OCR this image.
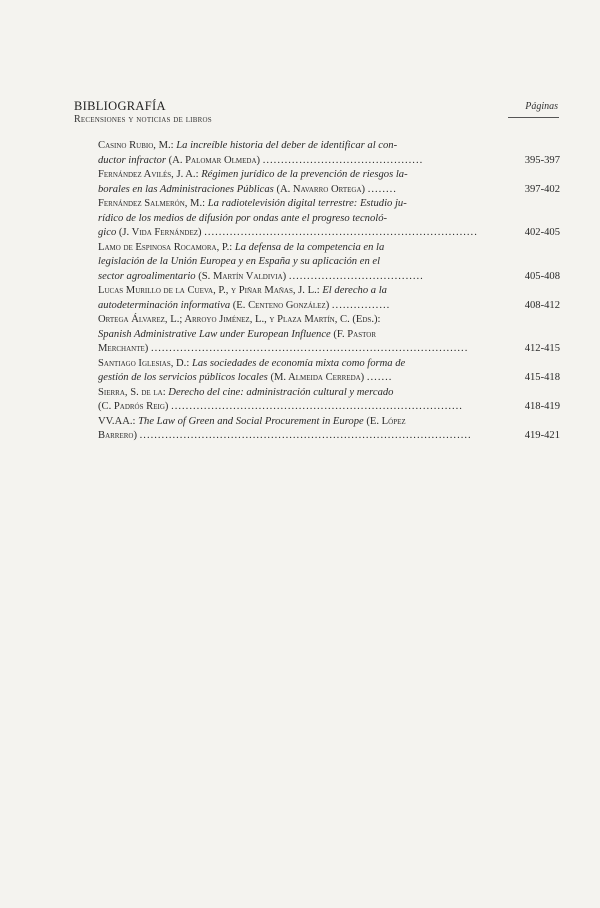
BIBLIOGRAFÍA
Recensiones y noticias de libros
Páginas
Casino Rubio, M.: La increíble historia del deber de identificar al con-
ductor infractor (A. Palomar Olmeda) ............................................	395-397
Fernández Avilés, J. A.: Régimen jurídico de la prevención de riesgos la-
borales en las Administraciones Públicas (A. Navarro Ortega) ........	397-402
Fernández Salmerón, M.: La radiotelevisión digital terrestre: Estudio ju-
rídico de los medios de difusión por ondas ante el progreso tecnoló-
gico (J. Vida Fernández) ...........................................................................	402-405
Lamo de Espinosa Rocamora, P.: La defensa de la competencia en la
legislación de la Unión Europea y en España y su aplicación en el
sector agroalimentario (S. Martín Valdivia) .....................................	405-408
Lucas Murillo de la Cueva, P., y Piñar Mañas, J. L.: El derecho a la
autodeterminación informativa (E. Centeno González) ................	408-412
Ortega Álvarez, L.; Arroyo Jiménez, L., y Plaza Martín, C. (Eds.):
Spanish Administrative Law under European Influence (F. Pastor
Merchante) .......................................................................................	412-415
Santiago Iglesias, D.: Las sociedades de economía mixta como forma de
gestión de los servicios públicos locales (M. Almeida Cerreda) .......	415-418
Sierra, S. de la: Derecho del cine: administración cultural y mercado
(C. Padrós Reig) ................................................................................	418-419
VV.AA.: The Law of Green and Social Procurement in Europe (E. López
Barrero) ...........................................................................................	419-421
